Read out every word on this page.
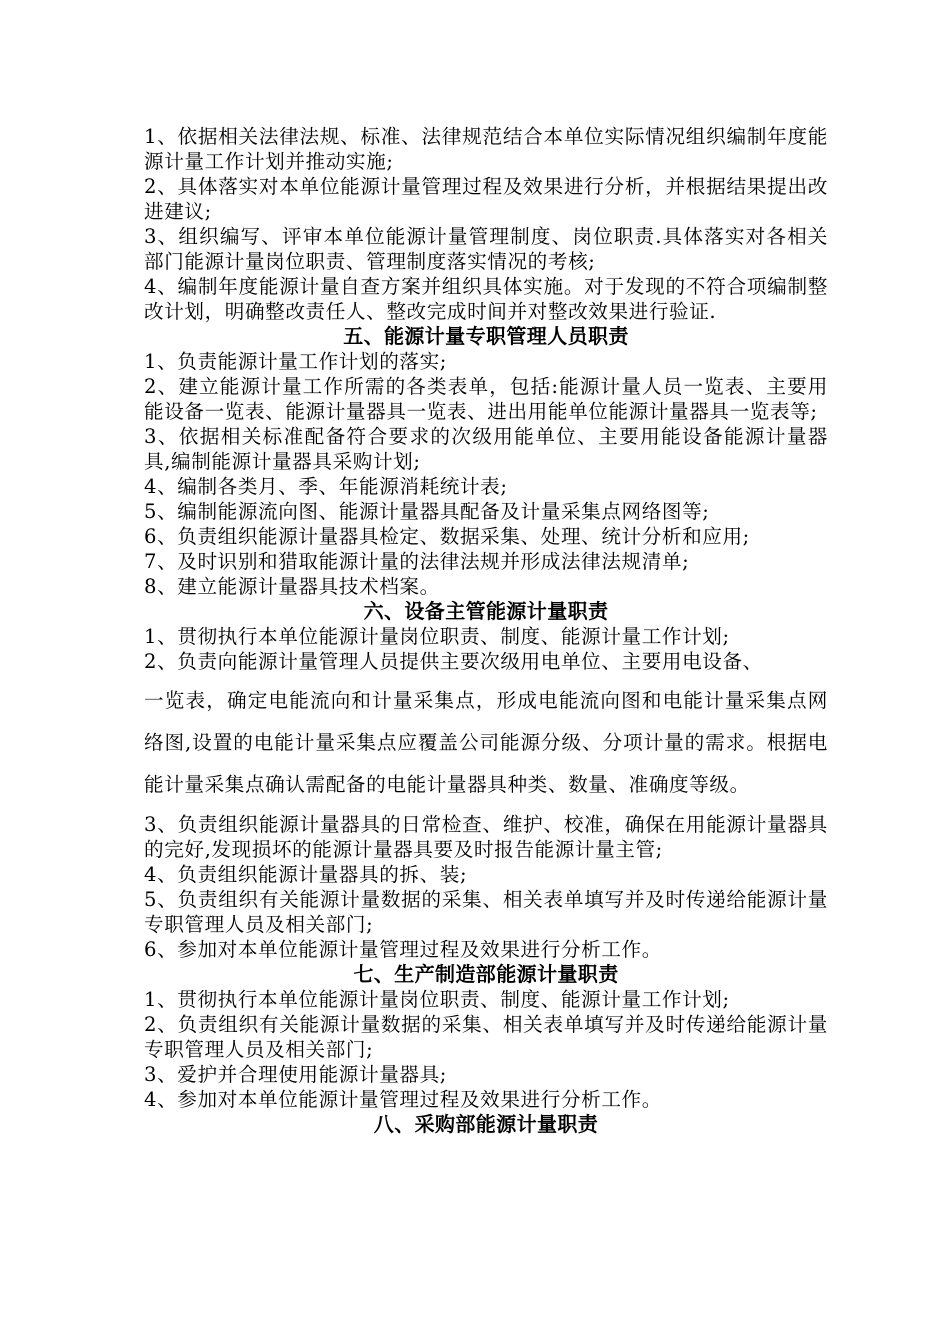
1、依据相关法律法规、标准、法律规范结合本单位实际情况组织编制年度能源计量工作计划并推动实施;

2、具体落实对本单位能源计量管理过程及效果进行分析，并根据结果提出改进建议;

3、组织编写、评审本单位能源计量管理制度、岗位职责.具体落实对各相关部门能源计量岗位职责、管理制度落实情况的考核;

4、编制年度能源计量自查方案并组织具体实施。对于发现的不符合项编制整改计划，明确整改责任人、整改完成时间并对整改效果进行验证.

五、能源计量专职管理人员职责

1、负责能源计量工作计划的落实;

2、建立能源计量工作所需的各类表单，包括:能源计量人员一览表、主要用能设备一览表、能源计量器具一览表、进出用能单位能源计量器具一览表等;

3、依据相关标准配备符合要求的次级用能单位、主要用能设备能源计量器具,编制能源计量器具采购计划;

4、编制各类月、季、年能源消耗统计表;

5、编制能源流向图、能源计量器具配备及计量采集点网络图等;

6、负责组织能源计量器具检定、数据采集、处理、统计分析和应用;

7、及时识别和猎取能源计量的法律法规并形成法律法规清单;

8、建立能源计量器具技术档案。

六、设备主管能源计量职责

1、贯彻执行本单位能源计量岗位职责、制度、能源计量工作计划;

2、负责向能源计量管理人员提供主要次级用电单位、主要用电设备、

一览表，确定电能流向和计量采集点，形成电能流向图和电能计量采集点网络图,设置的电能计量采集点应覆盖公司能源分级、分项计量的需求。根据电能计量采集点确认需配备的电能计量器具种类、数量、准确度等级。

3、负责组织能源计量器具的日常检查、维护、校准，确保在用能源计量器具的完好,发现损坏的能源计量器具要及时报告能源计量主管;

4、负责组织能源计量器具的拆、装;

5、负责组织有关能源计量数据的采集、相关表单填写并及时传递给能源计量专职管理人员及相关部门;

6、参加对本单位能源计量管理过程及效果进行分析工作。

七、生产制造部能源计量职责

1、贯彻执行本单位能源计量岗位职责、制度、能源计量工作计划;

2、负责组织有关能源计量数据的采集、相关表单填写并及时传递给能源计量专职管理人员及相关部门;

3、爱护并合理使用能源计量器具;

4、参加对本单位能源计量管理过程及效果进行分析工作。

八、采购部能源计量职责
